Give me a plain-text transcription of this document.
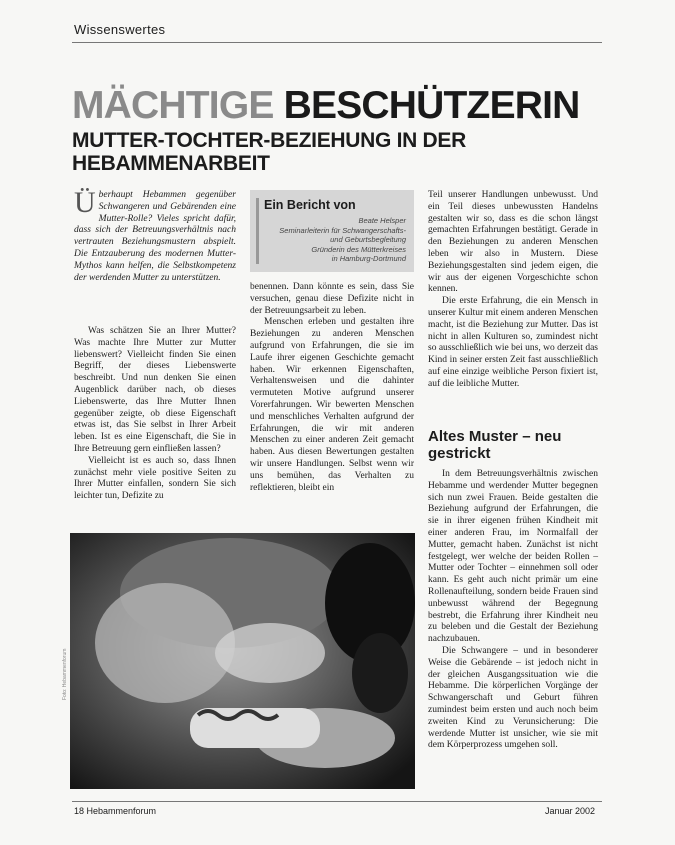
Wissenswertes
MÄCHTIGE BESCHÜTZERIN
MUTTER-TOCHTER-BEZIEHUNG IN DER HEBAMMENARBEIT

Überhaupt Hebammen gegenüber Schwangeren und Gebärenden eine Mutter-Rolle? Vieles spricht dafür, dass sich der Betreuungsverhältnis nach vertrauten Beziehungsmustern abspielt. Die Entzauberung des modernen Mutter-Mythos kann helfen, die Selbstkompetenz der werdenden Mutter zu unterstützen.

Was schätzen Sie an Ihrer Mutter? Was machte Ihre Mutter zur Mutter liebenswert? Vielleicht finden Sie einen Begriff, der dieses Liebenswerte beschreibt. Und nun denken Sie einen Augenblick darüber nach, ob dieses Liebenswerte, das Ihre Mutter Ihnen gegenüber zeigte, ob diese Eigenschaft etwas ist, das Sie selbst in Ihrer Arbeit leben. Ist es eine Eigenschaft, die Sie in Ihre Betreuung gern einfließen lassen?

Vielleicht ist es auch so, dass Ihnen zunächst mehr viele positive Seiten zu Ihrer Mutter einfallen, sondern Sie sich leichter tun, Defizite zu

Ein Bericht von

Beate Helsper
Seminarleiterin für Schwangerschafts-
und Geburtsbegleitung
Gründerin des Mütterkreises
in Hamburg-Dortmund

benennen. Dann könnte es sein, dass Sie versuchen, genau diese Defizite nicht in der Betreuungsarbeit zu leben.

Menschen erleben und gestalten ihre Beziehungen zu anderen Menschen aufgrund von Erfahrungen, die sie im Laufe ihrer eigenen Geschichte gemacht haben. Wir erkennen Eigenschaften, Verhaltensweisen und die dahinter vermuteten Motive aufgrund unserer Vorerfahrungen. Wir bewerten Menschen und menschliches Verhalten aufgrund der Erfahrungen, die wir mit anderen Menschen zu einer anderen Zeit gemacht haben. Aus diesen Bewertungen gestalten wir unsere Handlungen. Selbst wenn wir uns bemühen, das Verhalten zu reflektieren, bleibt ein

Teil unserer Handlungen unbewusst. Und ein Teil dieses unbewussten Handelns gestalten wir so, dass es die schon längst gemachten Erfahrungen bestätigt. Gerade in den Beziehungen zu anderen Menschen leben wir also in Mustern. Diese Beziehungsgestalten sind jedem eigen, die wir aus der eigenen Vorgeschichte schon kennen.

Die erste Erfahrung, die ein Mensch in unserer Kultur mit einem anderen Menschen macht, ist die Beziehung zur Mutter. Das ist nicht in allen Kulturen so, zumindest nicht so ausschließlich wie bei uns, wo derzeit das Kind in seiner ersten Zeit fast ausschließlich auf eine einzige weibliche Person fixiert ist, auf die leibliche Mutter.

Altes Muster – neu gestrickt

In dem Betreuungsverhältnis zwischen Hebamme und werdender Mutter begegnen sich nun zwei Frauen. Beide gestalten die Beziehung aufgrund der Erfahrungen, die sie in ihrer eigenen frühen Kindheit mit einer anderen Frau, im Normalfall der Mutter, gemacht haben. Zunächst ist nicht festgelegt, wer welche der beiden Rollen – Mutter oder Tochter – einnehmen soll oder kann. Es geht auch nicht primär um eine Rollenaufteilung, sondern beide Frauen sind unbewusst während der Begegnung bestrebt, die Erfahrung ihrer Kindheit neu zu beleben und die Gestalt der Beziehung nachzubauen.

Die Schwangere – und in besonderer Weise die Gebärende – ist jedoch nicht in der gleichen Ausgangssituation wie die Hebamme. Die körperlichen Vorgänge der Schwangerschaft und Geburt führen zumindest beim ersten und auch noch beim zweiten Kind zu Verunsicherung: Die werdende Mutter ist unsicher, wie sie mit dem Körperprozess umgehen soll.

Foto: Hebammenforum
18 Hebammenforum	Januar 2002
